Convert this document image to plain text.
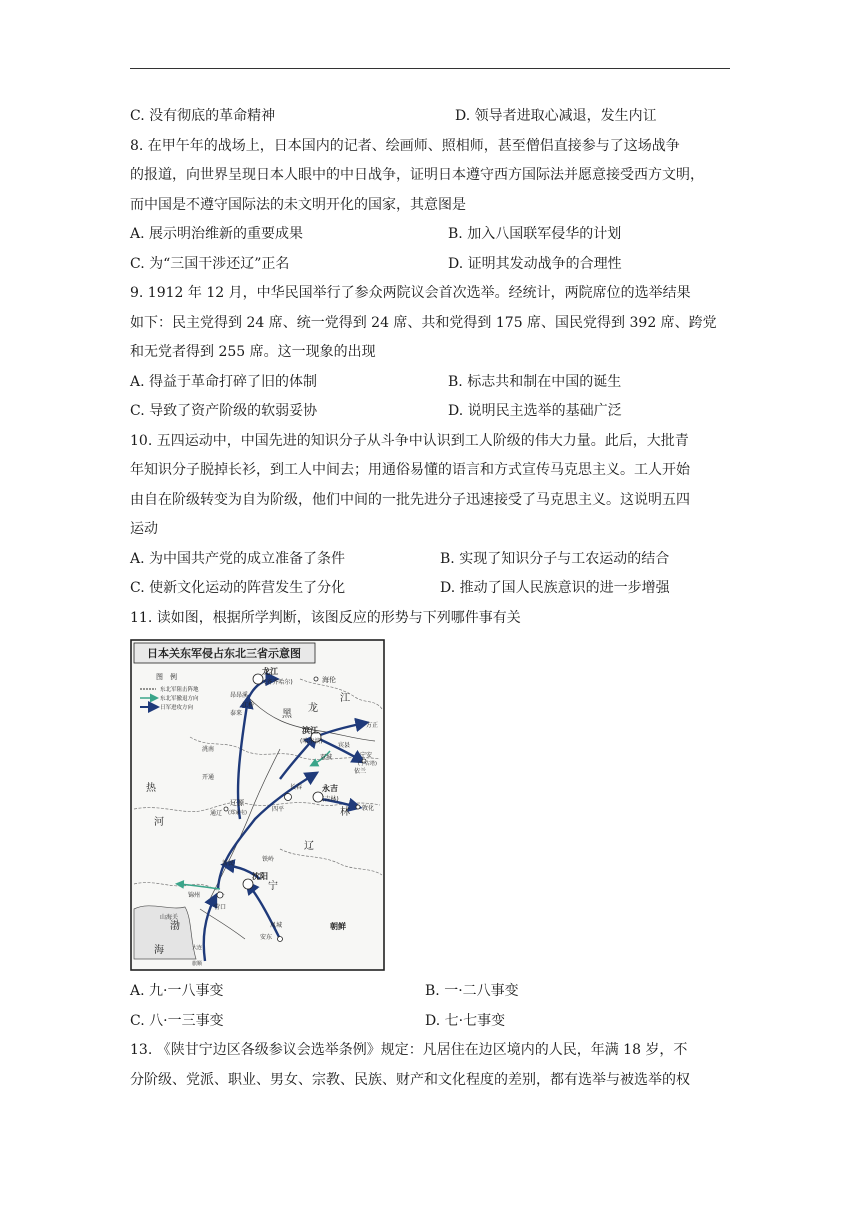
C. 没有彻底的革命精神	D. 领导者进取心减退，发生内讧
8. 在甲午年的战场上，日本国内的记者、绘画师、照相师，甚至僧侣直接参与了这场战争
的报道，向世界呈现日本人眼中的中日战争，证明日本遵守西方国际法并愿意接受西方文明，
而中国是不遵守国际法的未文明开化的国家，其意图是
A. 展示明治维新的重要成果	B. 加入八国联军侵华的计划
C. 为“三国干涉还辽”正名	D. 证明其发动战争的合理性
9. 1912 年 12 月，中华民国举行了参众两院议会首次选举。经统计，两院席位的选举结果
如下：民主党得到 24 席、统一党得到 24 席、共和党得到 175 席、国民党得到 392 席、跨党
和无党者得到 255 席。这一现象的出现
A. 得益于革命打碎了旧的体制	B. 标志共和制在中国的诞生
C. 导致了资产阶级的软弱妥协	D. 说明民主选举的基础广泛
10. 五四运动中，中国先进的知识分子从斗争中认识到工人阶级的伟大力量。此后，大批青
年知识分子脱掉长衫，到工人中间去；用通俗易懂的语言和方式宣传马克思主义。工人开始
由自在阶级转变为自为阶级，他们中间的一批先进分子迅速接受了马克思主义。这说明五四
运动
A. 为中国共产党的成立准备了条件	B. 实现了知识分子与工农运动的结合
C. 使新文化运动的阵营发生了分化	D. 推动了国人民族意识的进一步增强
11. 读如图，根据所学判断，该图反应的形势与下列哪件事有关
日本关东军侵占东北三省示意图
图　例
东北军阻击阵地
东北军撤退方向
日军进攻方向
海伦
龙江
(齐齐哈尔)
昂昂溪
泰来
江桥
黑
龙
江
滨江
(哈尔滨)
双城
宾县
方正
依兰
宁安
(宁古塔)
永吉
(吉林)
林 敦化
洮南
开通
长春
热
河
通辽
辽源
(郑家屯)	四平
铁岭
新民
沈阳
辽
宁
锦州
营口
凤城
安东
朝鲜
山海关
大连
旅顺
渤
海
A. 九·一八事变	B. 一·二八事变
C. 八·一三事变	D. 七·七事变
13. 《陕甘宁边区各级参议会选举条例》规定：凡居住在边区境内的人民，年满 18 岁，不
分阶级、党派、职业、男女、宗教、民族、财产和文化程度的差别，都有选举与被选举的权
